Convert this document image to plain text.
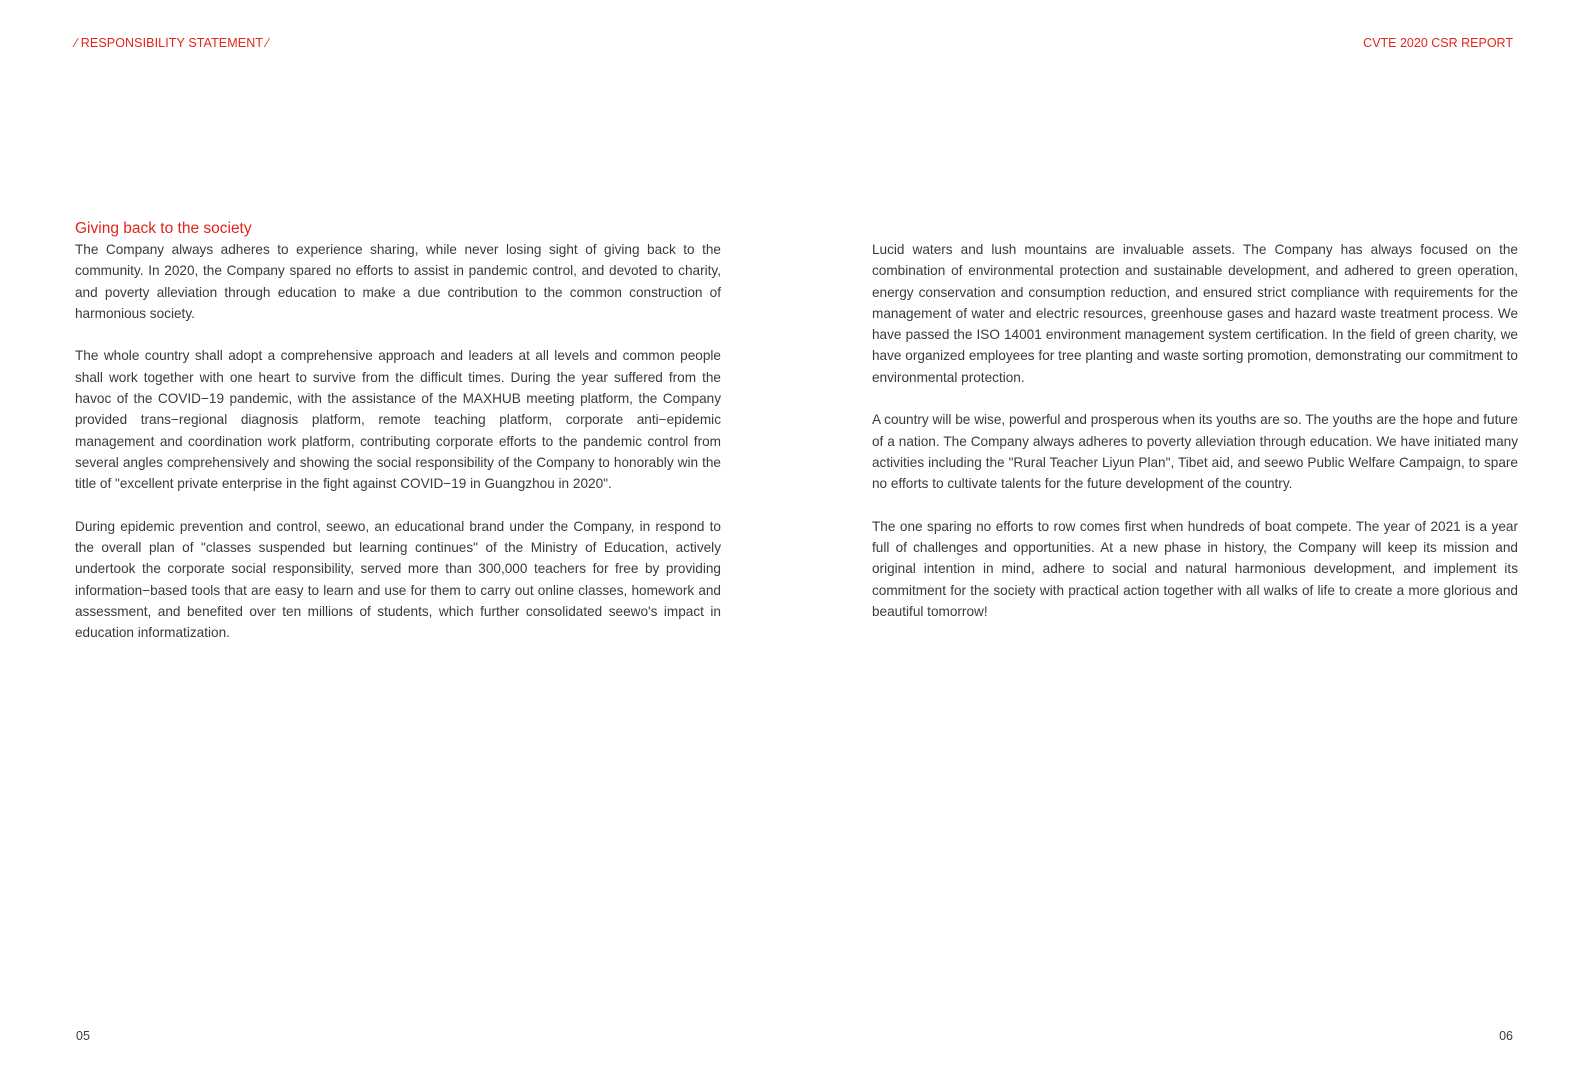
⁄ RESPONSIBILITY STATEMENT ⁄	CVTE 2020 CSR REPORT
Giving back to the society

The Company always adheres to experience sharing, while never losing sight of giving back to the community. In 2020, the Company spared no efforts to assist in pandemic control, and devoted to charity, and poverty alleviation through education to make a due contribution to the common construction of harmonious society.

The whole country shall adopt a comprehensive approach and leaders at all levels and common people shall work together with one heart to survive from the difficult times. During the year suffered from the havoc of the COVID−19 pandemic, with the assistance of the MAXHUB meeting platform, the Company provided trans−regional diagnosis platform, remote teaching platform, corporate anti−epidemic management and coordination work platform, contributing corporate efforts to the pandemic control from several angles comprehensively and showing the social responsibility of the Company to honorably win the title of "excellent private enterprise in the fight against COVID−19 in Guangzhou in 2020".

During epidemic prevention and control, seewo, an educational brand under the Company, in respond to the overall plan of "classes suspended but learning continues" of the Ministry of Education, actively undertook the corporate social responsibility, served more than 300,000 teachers for free by providing information−based tools that are easy to learn and use for them to carry out online classes, homework and assessment, and benefited over ten millions of students, which further consolidated seewo's impact in education informatization.

Lucid waters and lush mountains are invaluable assets. The Company has always focused on the combination of environmental protection and sustainable development, and adhered to green operation, energy conservation and consumption reduction, and ensured strict compliance with requirements for the management of water and electric resources, greenhouse gases and hazard waste treatment process. We have passed the ISO 14001 environment management system certification. In the field of green charity, we have organized employees for tree planting and waste sorting promotion, demonstrating our commitment to environmental protection.

A country will be wise, powerful and prosperous when its youths are so. The youths are the hope and future of a nation. The Company always adheres to poverty alleviation through education. We have initiated many activities including the "Rural Teacher Liyun Plan", Tibet aid, and seewo Public Welfare Campaign, to spare no efforts to cultivate talents for the future development of the country.

The one sparing no efforts to row comes first when hundreds of boat compete. The year of 2021 is a year full of challenges and opportunities. At a new phase in history, the Company will keep its mission and original intention in mind, adhere to social and natural harmonious development, and implement its commitment for the society with practical action together with all walks of life to create a more glorious and beautiful tomorrow!

05	06
